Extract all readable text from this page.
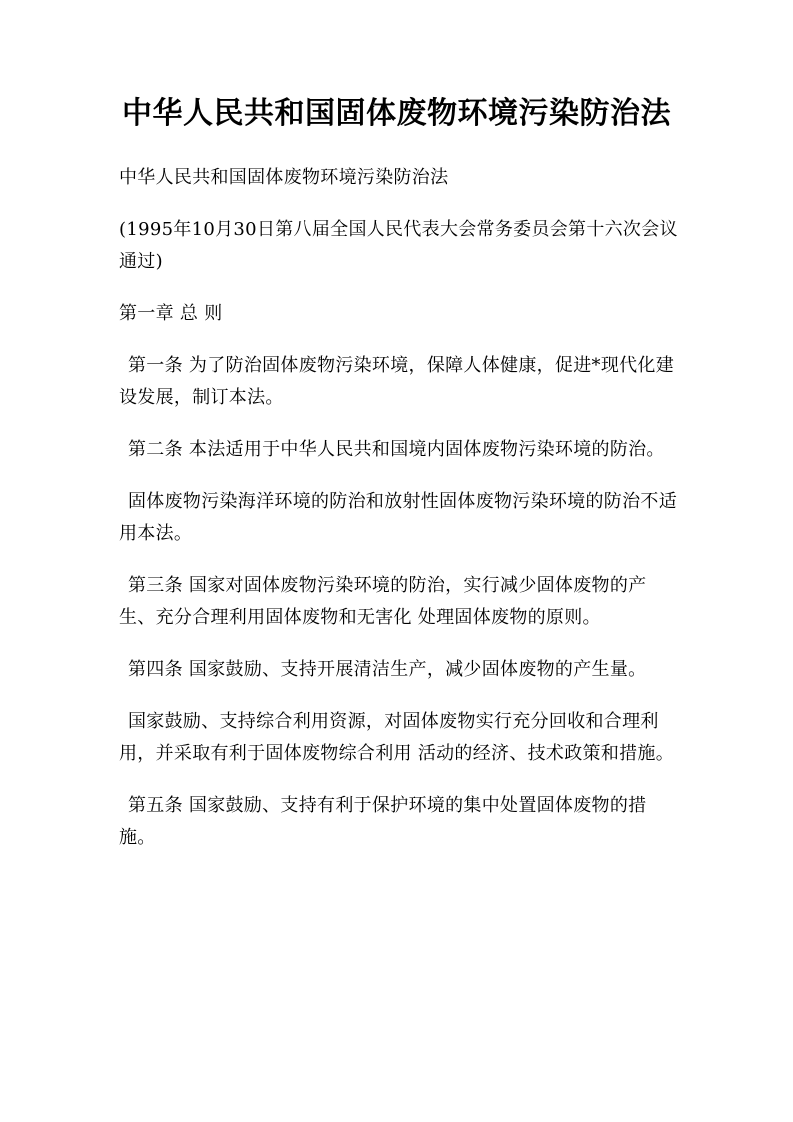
中华人民共和国固体废物环境污染防治法

中华人民共和国固体废物环境污染防治法

(1995年10月30日第八届全国人民代表大会常务委员会第十六次会议通过)

第一章 总 则

第一条 为了防治固体废物污染环境，保障人体健康，促进*现代化建设发展，制订本法。

第二条 本法适用于中华人民共和国境内固体废物污染环境的防治。

固体废物污染海洋环境的防治和放射性固体废物污染环境的防治不适用本法。

第三条 国家对固体废物污染环境的防治，实行减少固体废物的产生、充分合理利用固体废物和无害化 处理固体废物的原则。

第四条 国家鼓励、支持开展清洁生产，减少固体废物的产生量。

国家鼓励、支持综合利用资源，对固体废物实行充分回收和合理利用，并采取有利于固体废物综合利用 活动的经济、技术政策和措施。

第五条 国家鼓励、支持有利于保护环境的集中处置固体废物的措施。
